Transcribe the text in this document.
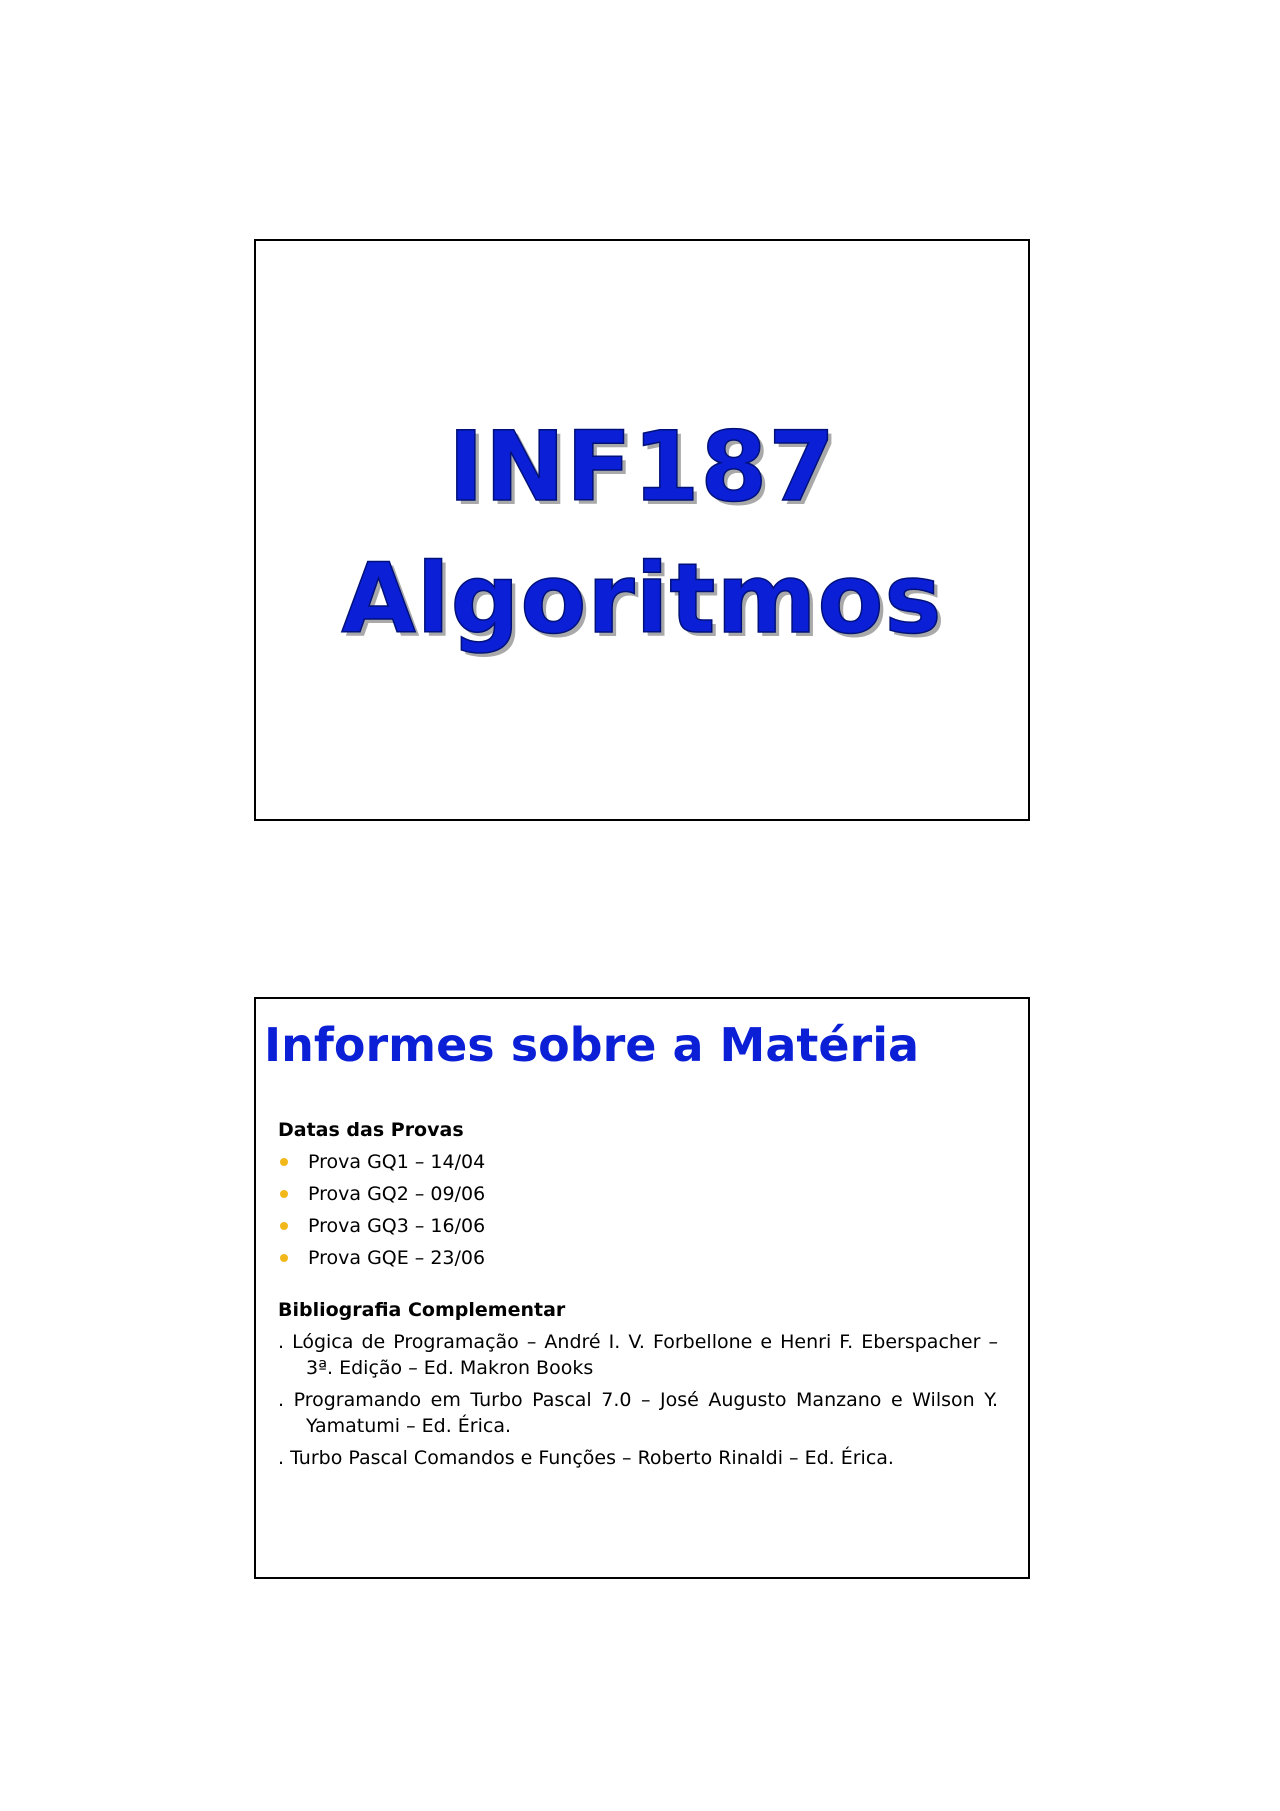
INF187
Algoritmos
Informes sobre a Matéria
Datas das Provas
Prova GQ1 – 14/04
Prova GQ2 – 09/06
Prova GQ3 – 16/06
Prova GQE – 23/06
Bibliografia Complementar
. Lógica de Programação – André I. V. Forbellone e Henri F. Eberspacher – 3ª. Edição – Ed. Makron Books
. Programando em Turbo Pascal 7.0 – José Augusto Manzano e Wilson Y. Yamatumi – Ed. Érica.
. Turbo Pascal Comandos e Funções – Roberto Rinaldi – Ed. Érica.
